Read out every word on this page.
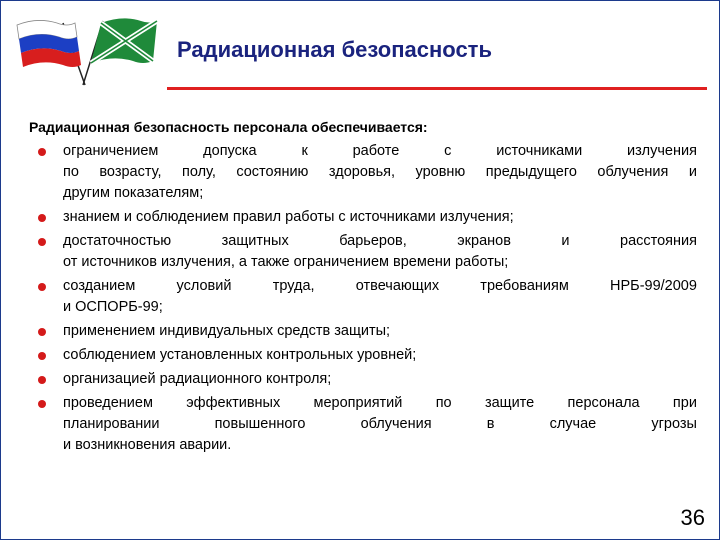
Радиационная безопасность

Радиационная безопасность персонала обеспечивается:

ограничением	допуска	к	работе	с	источниками	излучения
по возрасту, полу, состоянию здоровья, уровню предыдущего облучения и
другим показателям;
знанием и соблюдением правил работы с источниками излучения;
достаточностью	защитных	барьеров,	экранов	и	расстояния
от источников излучения, а также ограничением времени работы;
созданием	условий	труда,	отвечающих	требованиям	НРБ-99/2009
и ОСПОРБ-99;
применением индивидуальных средств защиты;
соблюдением установленных контрольных уровней;
организацией радиационного контроля;
проведением эффективных мероприятий по защите персонала при
планировании	повышенного	облучения	в	случае	угрозы
и возникновения аварии.
36
